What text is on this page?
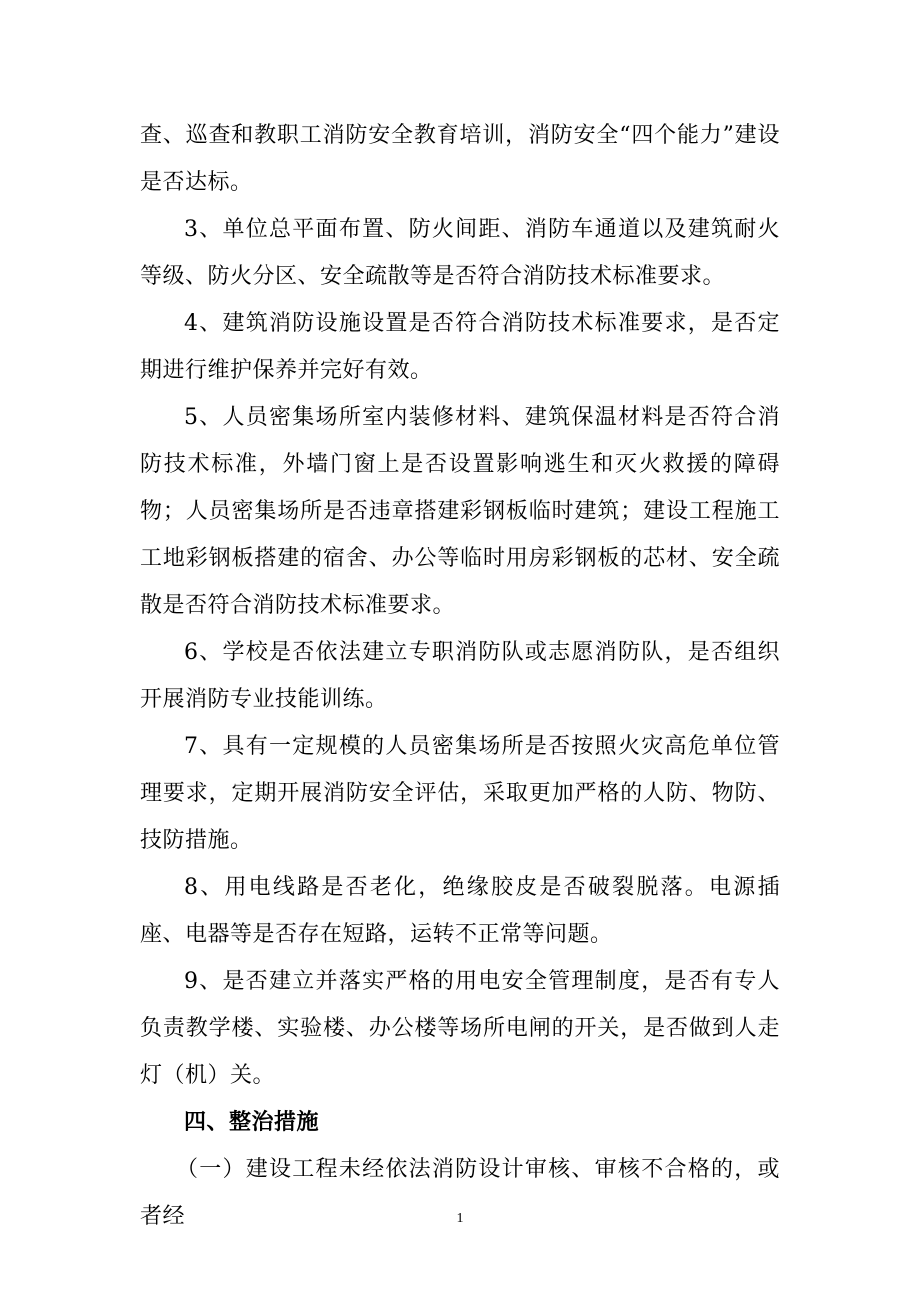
查、巡查和教职工消防安全教育培训，消防安全“四个能力”建设是否达标。

3、单位总平面布置、防火间距、消防车通道以及建筑耐火等级、防火分区、安全疏散等是否符合消防技术标准要求。

4、建筑消防设施设置是否符合消防技术标准要求，是否定期进行维护保养并完好有效。

5、人员密集场所室内装修材料、建筑保温材料是否符合消防技术标准，外墙门窗上是否设置影响逃生和灭火救援的障碍物；人员密集场所是否违章搭建彩钢板临时建筑；建设工程施工工地彩钢板搭建的宿舍、办公等临时用房彩钢板的芯材、安全疏散是否符合消防技术标准要求。

6、学校是否依法建立专职消防队或志愿消防队，是否组织开展消防专业技能训练。

7、具有一定规模的人员密集场所是否按照火灾高危单位管理要求，定期开展消防安全评估，采取更加严格的人防、物防、技防措施。

8、用电线路是否老化，绝缘胶皮是否破裂脱落。电源插座、电器等是否存在短路，运转不正常等问题。

9、是否建立并落实严格的用电安全管理制度，是否有专人负责教学楼、实验楼、办公楼等场所电闸的开关，是否做到人走灯（机）关。

四、整治措施

（一）建设工程未经依法消防设计审核、审核不合格的，或者经	1
